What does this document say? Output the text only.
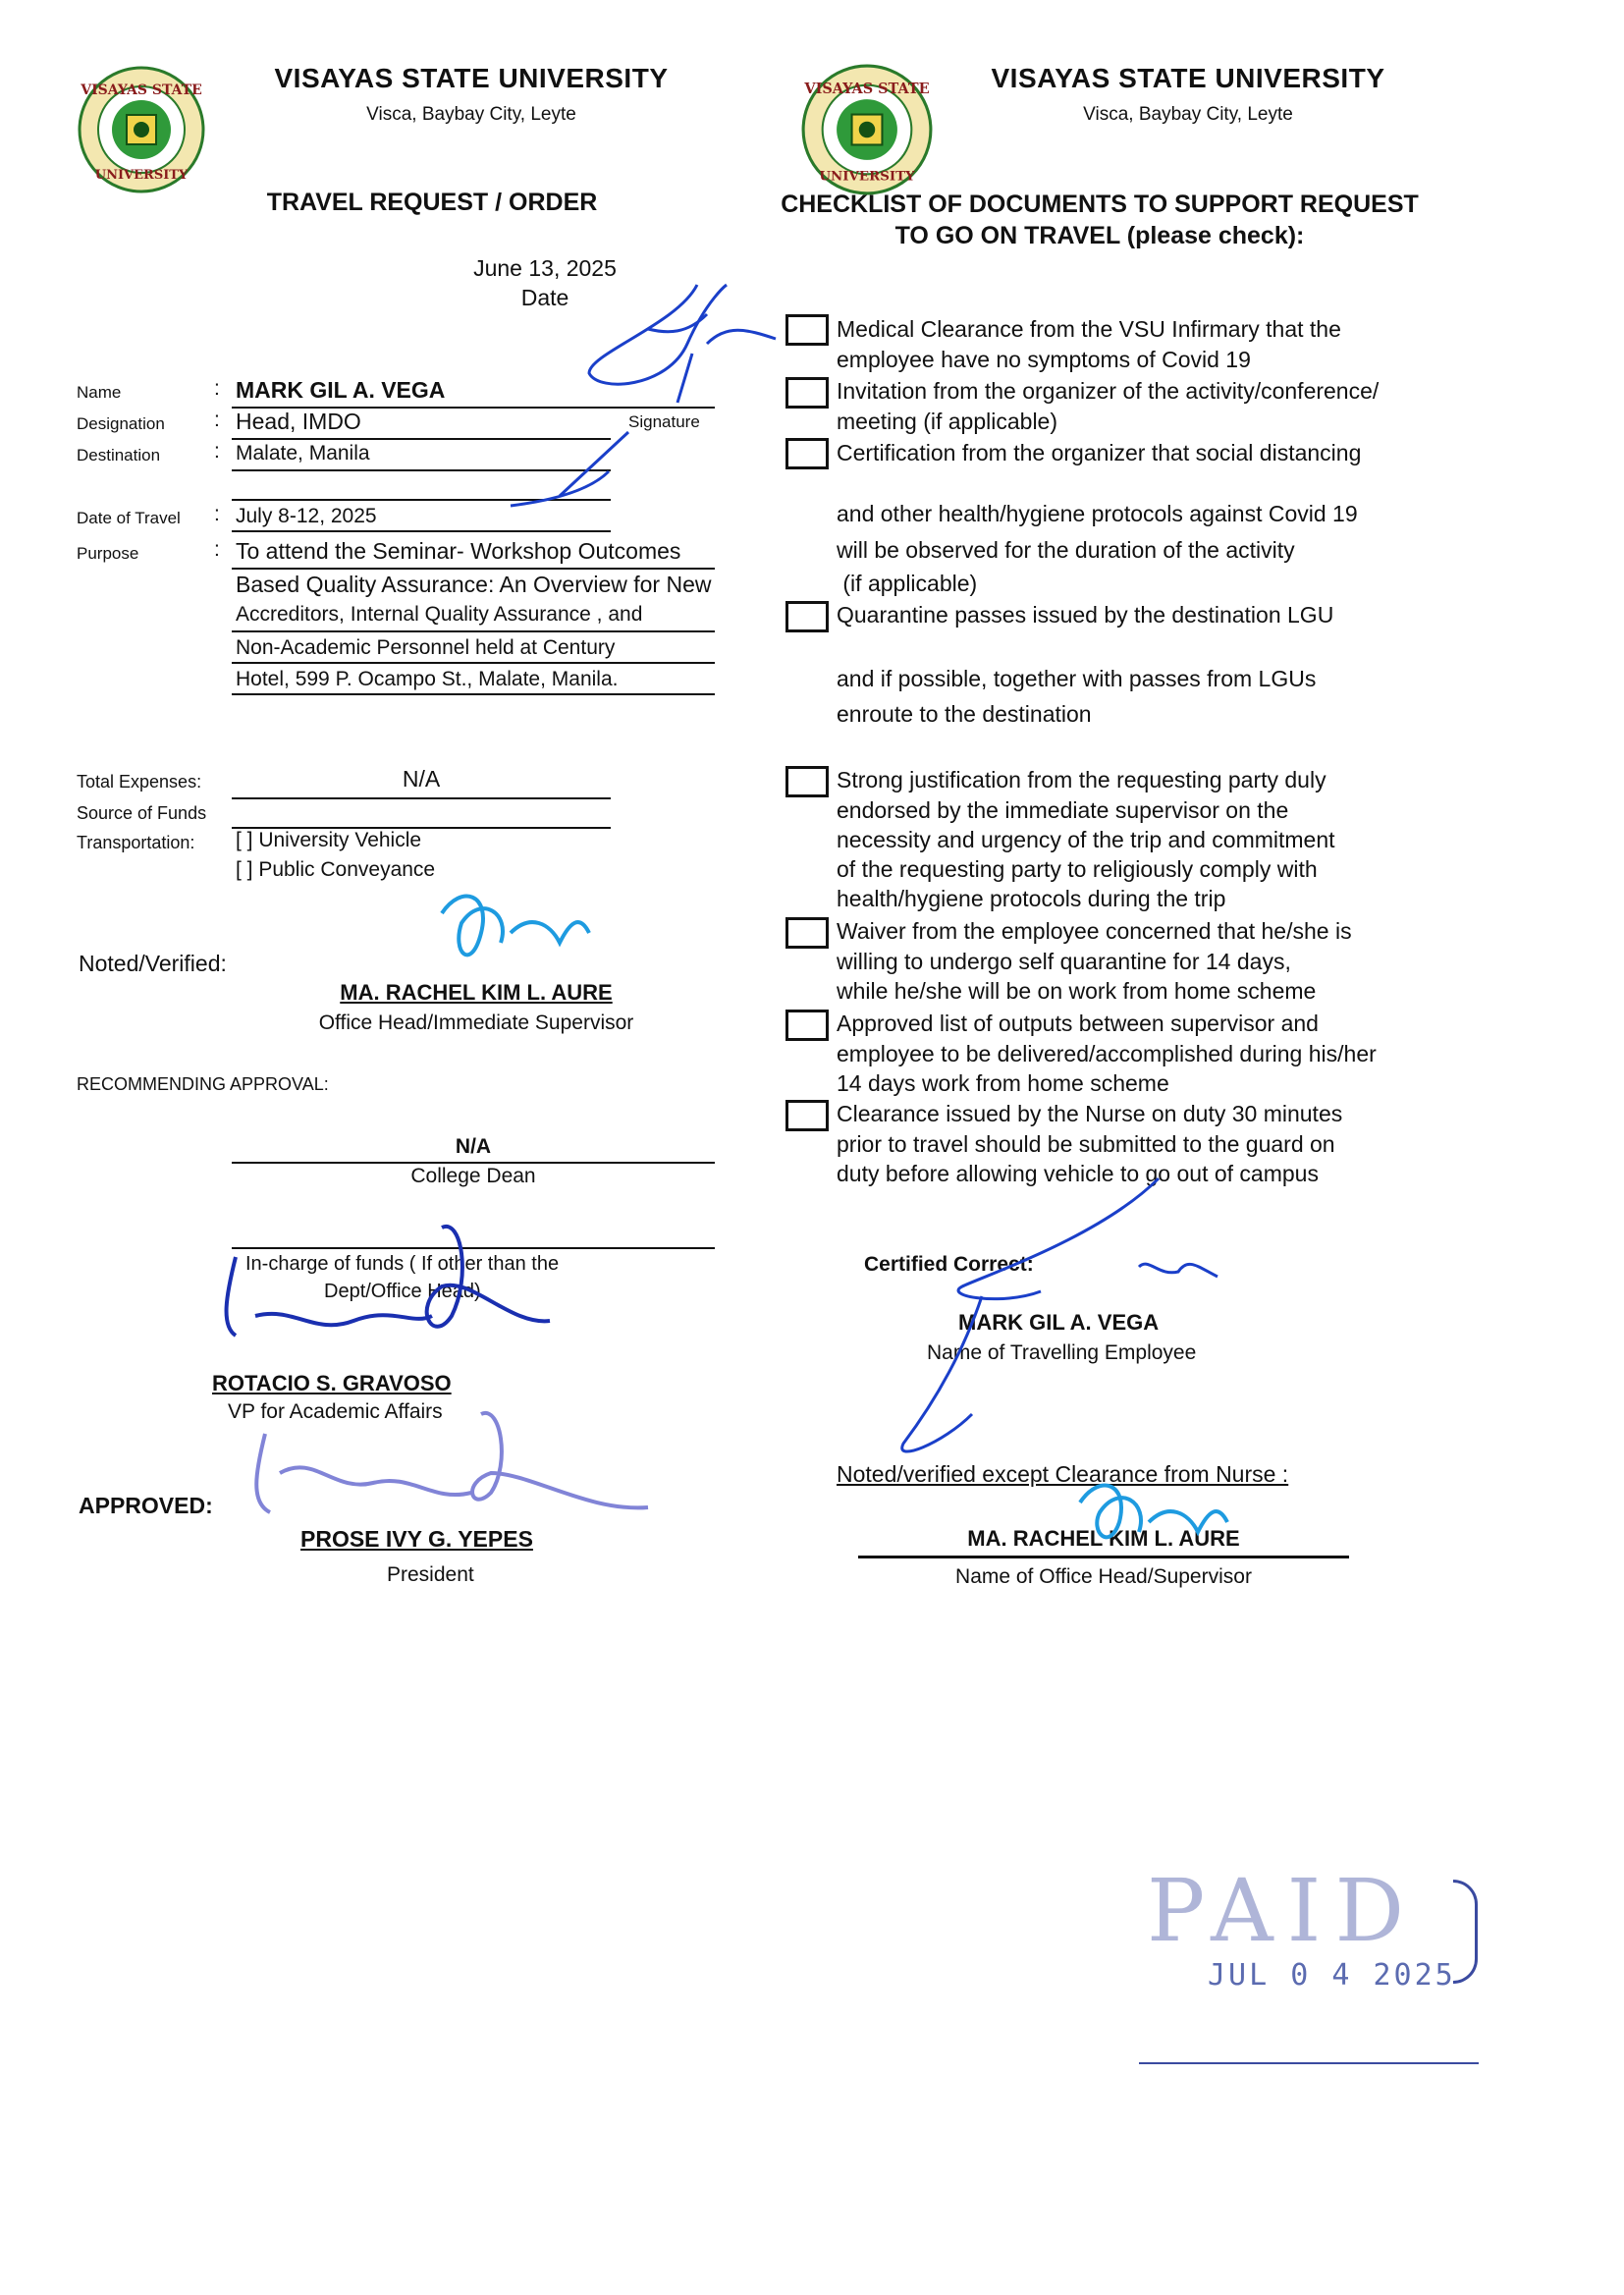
VISAYAS STATE
UNIVERSITY
VISAYAS STATE UNIVERSITY
Visca, Baybay City, Leyte
TRAVEL REQUEST / ORDER
VISAYAS STATE
UNIVERSITY
VISAYAS STATE UNIVERSITY
Visca, Baybay City, Leyte
CHECKLIST OF DOCUMENTS TO SUPPORT REQUEST
TO GO ON TRAVEL (please check):
June 13, 2025
Date
Name	: MARK GIL A. VEGA
Signature
Designation : Head, IMDO
Destination	: Malate, Manila
Date of Travel : July 8-12, 2025
Purpose	: To attend the Seminar- Workshop Outcomes
Based Quality Assurance: An Overview for New
Accreditors, Internal Quality Assurance , and
Non-Academic Personnel held at Century
Hotel, 599 P. Ocampo St., Malate, Manila.
Total Expenses:	N/A
Source of Funds
Transportation: [ ] University Vehicle
[ ] Public Conveyance
Noted/Verified:
MA. RACHEL KIM L. AURE
Office Head/Immediate Supervisor
RECOMMENDING APPROVAL:
N/A
College Dean
In-charge of funds ( If other than the
Dept/Office Head)
ROTACIO S. GRAVOSO
VP for Academic Affairs
APPROVED:
PROSE IVY G. YEPES
President
Medical Clearance from the VSU Infirmary that the
employee have no symptoms of Covid 19
Invitation from the organizer of the activity/conference/
meeting (if applicable)
Certification from the organizer that social distancing
and other health/hygiene protocols against Covid 19
will be observed for the duration of the activity
(if applicable)
Quarantine passes issued by the destination LGU
and if possible, together with passes from LGUs
enroute to the destination
Strong justification from the requesting party duly
endorsed by the immediate supervisor on the
necessity and urgency of the trip and commitment
of the requesting party to religiously comply with
health/hygiene protocols during the trip
Waiver from the employee concerned that he/she is
willing to undergo self quarantine for 14 days,
while he/she will be on work from home scheme
Approved list of outputs between supervisor and
employee to be delivered/accomplished during his/her
14 days work from home scheme
Clearance issued by the Nurse on duty 30 minutes
prior to travel should be submitted to the guard on
duty before allowing vehicle to go out of campus
Certified Correct:
MARK GIL A. VEGA
Name of Travelling Employee
Noted/verified except Clearance from Nurse :
MA. RACHEL KIM L. AURE
Name of Office Head/Supervisor
PAID
JUL 0 4 2025
